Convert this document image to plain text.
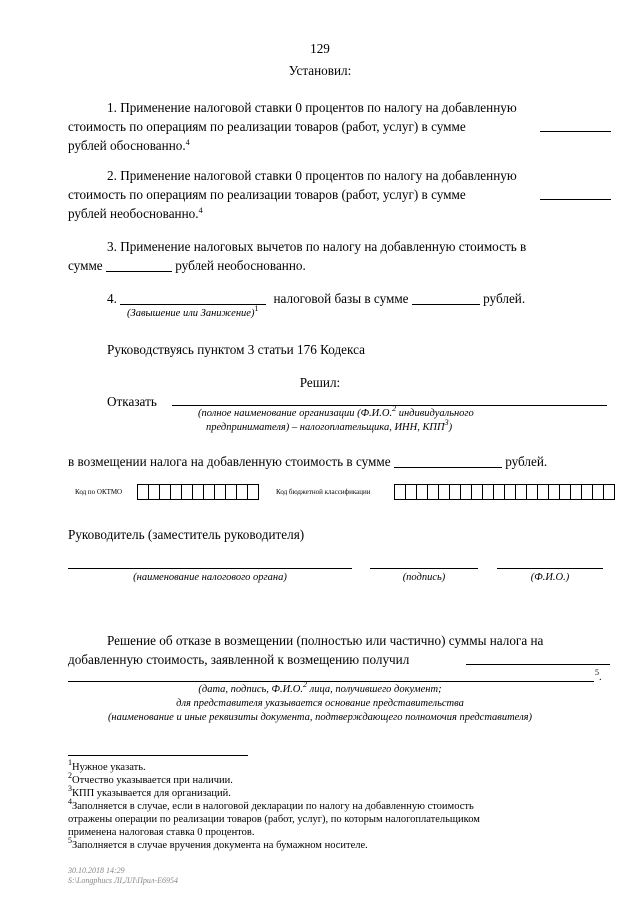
129
Установил:
1. Применение налоговой ставки 0 процентов по налогу на добавленную
стоимость по операциям по реализации товаров (работ, услуг) в сумме
рублей обоснованно.$^4$
2. Применение налоговой ставки 0 процентов по налогу на добавленную
стоимость по операциям по реализации товаров (работ, услуг) в сумме
рублей необоснованно.$^4$
3. Применение налоговых вычетов по налогу на добавленную стоимость в
сумме	рублей необоснованно.
4.	налоговой базы в сумме	рублей.
(Завышение или Занижение)$^1$
Руководствуясь пунктом 3 статьи 176 Кодекса
Решил:
Отказать
(полное наименование организации (Ф.И.О.$^2$ индивидуального
предпринимателя) – налогоплательщика, ИНН, КПП$^3$)
в возмещении налога на добавленную стоимость в сумме	рублей.
Код по ОКТМО	Код бюджетной классификации
Руководитель (заместитель руководителя)
(наименование налогового органа)	(подпись)	(Ф.И.О.)
Решение об отказе в возмещении (полностью или частично) суммы налога на
добавленную стоимость, заявленной к возмещению получил
$^5$.
(дата, подпись, Ф.И.О.$^2$ лица, получившего документ;
для представителя указывается основание представительства
(наименование и иные реквизиты документа, подтверждающего полномочия представителя)
$^1$Нужное указать.
$^2$Отчество указывается при наличии.
$^3$КПП указывается для организаций.
$^4$Заполняется в случае, если в налоговой декларации по налогу на добавленную стоимость
отражены операции по реализации товаров (работ, услуг), по которым налогоплательщиком
применена налоговая ставка 0 процентов.
$^5$Заполняется в случае вручения документа на бумажном носителе.
30.10.2018 14:29
S:\Longphucs ЛІ,ЛЛ\Прил-E6954
